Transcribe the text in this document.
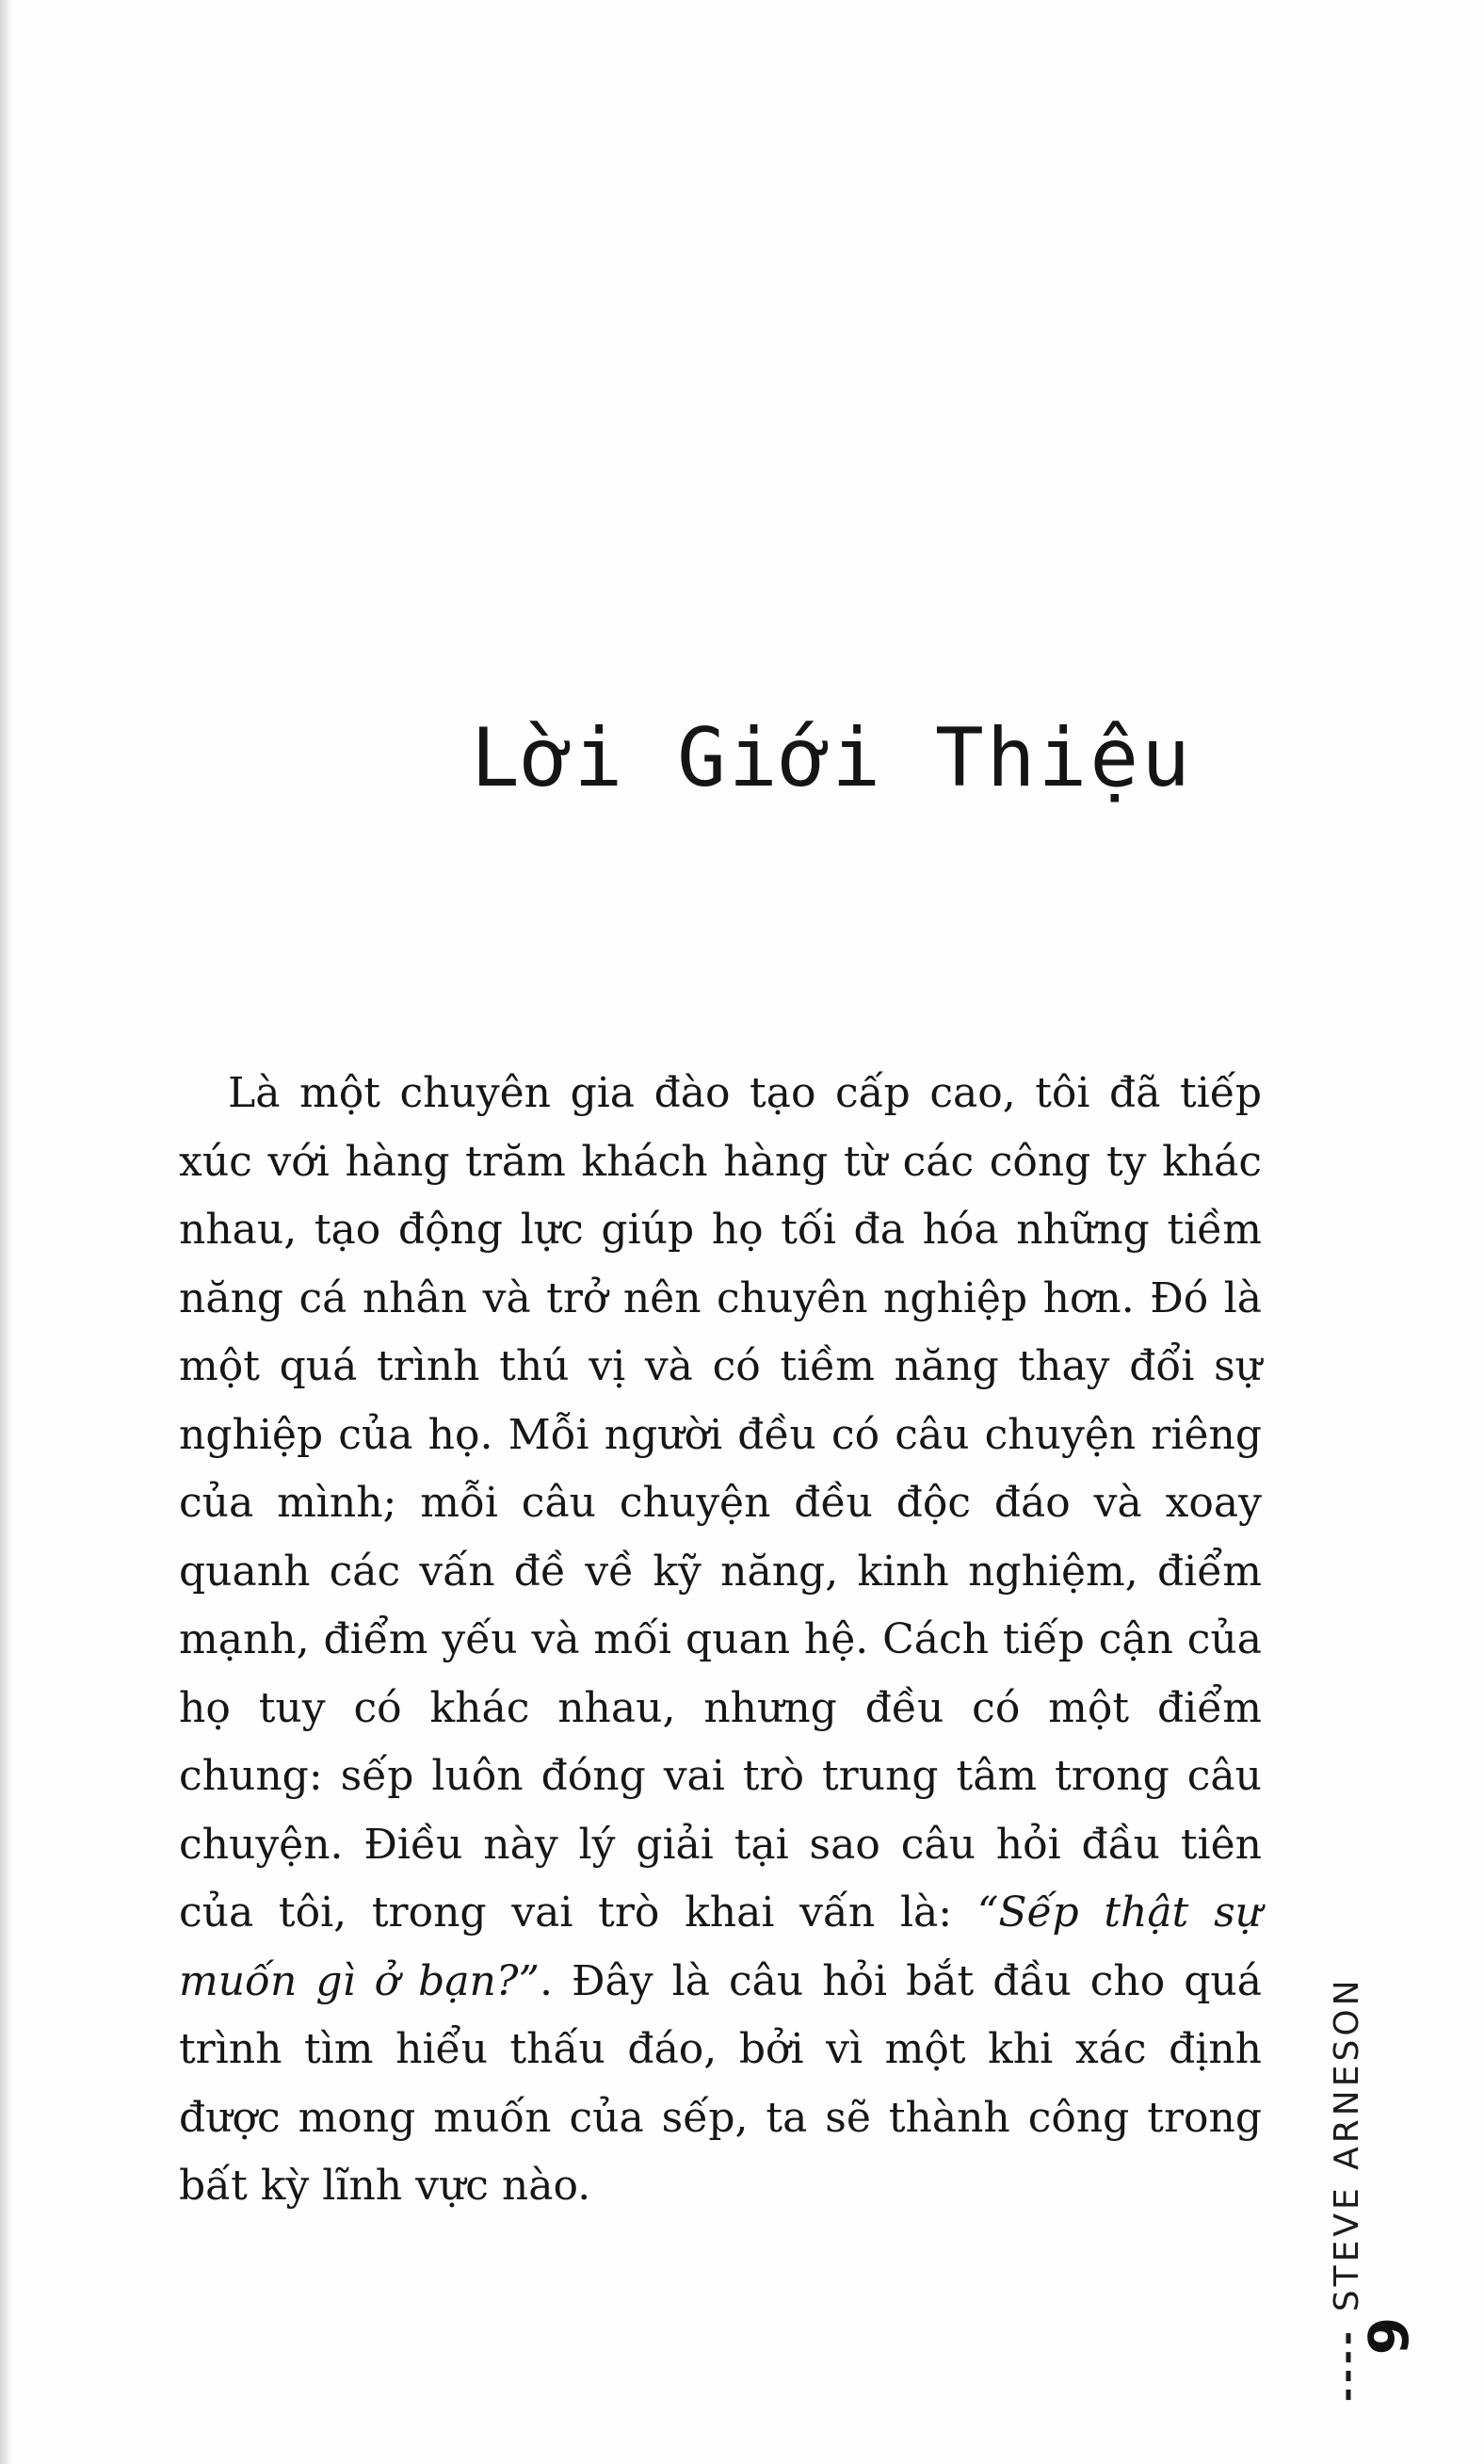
Lời Giới Thiệu

Là một chuyên gia đào tạo cấp cao, tôi đã tiếp xúc với hàng trăm khách hàng từ các công ty khác nhau, tạo động lực giúp họ tối đa hóa những tiềm năng cá nhân và trở nên chuyên nghiệp hơn. Đó là một quá trình thú vị và có tiềm năng thay đổi sự nghiệp của họ. Mỗi người đều có câu chuyện riêng của mình; mỗi câu chuyện đều độc đáo và xoay quanh các vấn đề về kỹ năng, kinh nghiệm, điểm mạnh, điểm yếu và mối quan hệ. Cách tiếp cận của họ tuy có khác nhau, nhưng đều có một điểm chung: sếp luôn đóng vai trò trung tâm trong câu chuyện. Điều này lý giải tại sao câu hỏi đầu tiên của tôi, trong vai trò khai vấn là: “Sếp thật sự muốn gì ở bạn?”. Đây là câu hỏi bắt đầu cho quá trình tìm hiểu thấu đáo, bởi vì một khi xác định được mong muốn của sếp, ta sẽ thành công trong bất kỳ lĩnh vực nào.

----
STEVE ARNESON
9
